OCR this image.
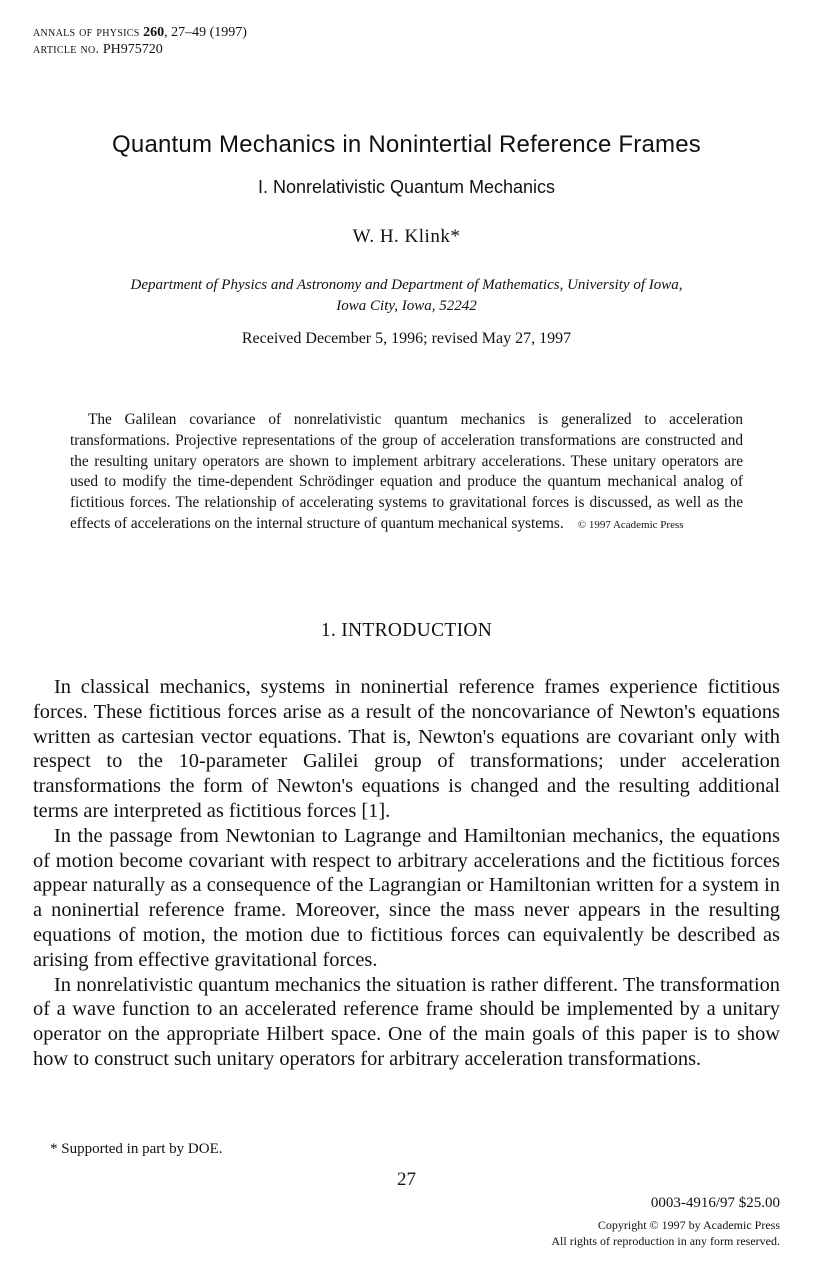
annals of physics 260, 27–49 (1997)
article no. PH975720
Quantum Mechanics in Nonintertial Reference Frames
I. Nonrelativistic Quantum Mechanics
W. H. Klink*
Department of Physics and Astronomy and Department of Mathematics, University of Iowa,
Iowa City, Iowa, 52242
Received December 5, 1996; revised May 27, 1997

The Galilean covariance of nonrelativistic quantum mechanics is generalized to acceleration transformations. Projective representations of the group of acceleration transformations are constructed and the resulting unitary operators are shown to implement arbitrary accelerations. These unitary operators are used to modify the time-dependent Schrödinger equation and produce the quantum mechanical analog of fictitious forces. The relationship of accelerating systems to gravitational forces is discussed, as well as the effects of accelerations on the internal structure of quantum mechanical systems. © 1997 Academic Press

1. INTRODUCTION

In classical mechanics, systems in noninertial reference frames experience fictitious forces. These fictitious forces arise as a result of the noncovariance of Newton's equations written as cartesian vector equations. That is, Newton's equations are covariant only with respect to the 10-parameter Galilei group of transformations; under acceleration transformations the form of Newton's equations is changed and the resulting additional terms are interpreted as fictitious forces [1].

In the passage from Newtonian to Lagrange and Hamiltonian mechanics, the equations of motion become covariant with respect to arbitrary accelerations and the fictitious forces appear naturally as a consequence of the Lagrangian or Hamiltonian written for a system in a noninertial reference frame. Moreover, since the mass never appears in the resulting equations of motion, the motion due to fictitious forces can equivalently be described as arising from effective gravitational forces.

In nonrelativistic quantum mechanics the situation is rather different. The transformation of a wave function to an accelerated reference frame should be implemented by a unitary operator on the appropriate Hilbert space. One of the main goals of this paper is to show how to construct such unitary operators for arbitrary acceleration transformations.

* Supported in part by DOE.
27
0003-4916/97 $25.00
Copyright © 1997 by Academic Press
All rights of reproduction in any form reserved.
